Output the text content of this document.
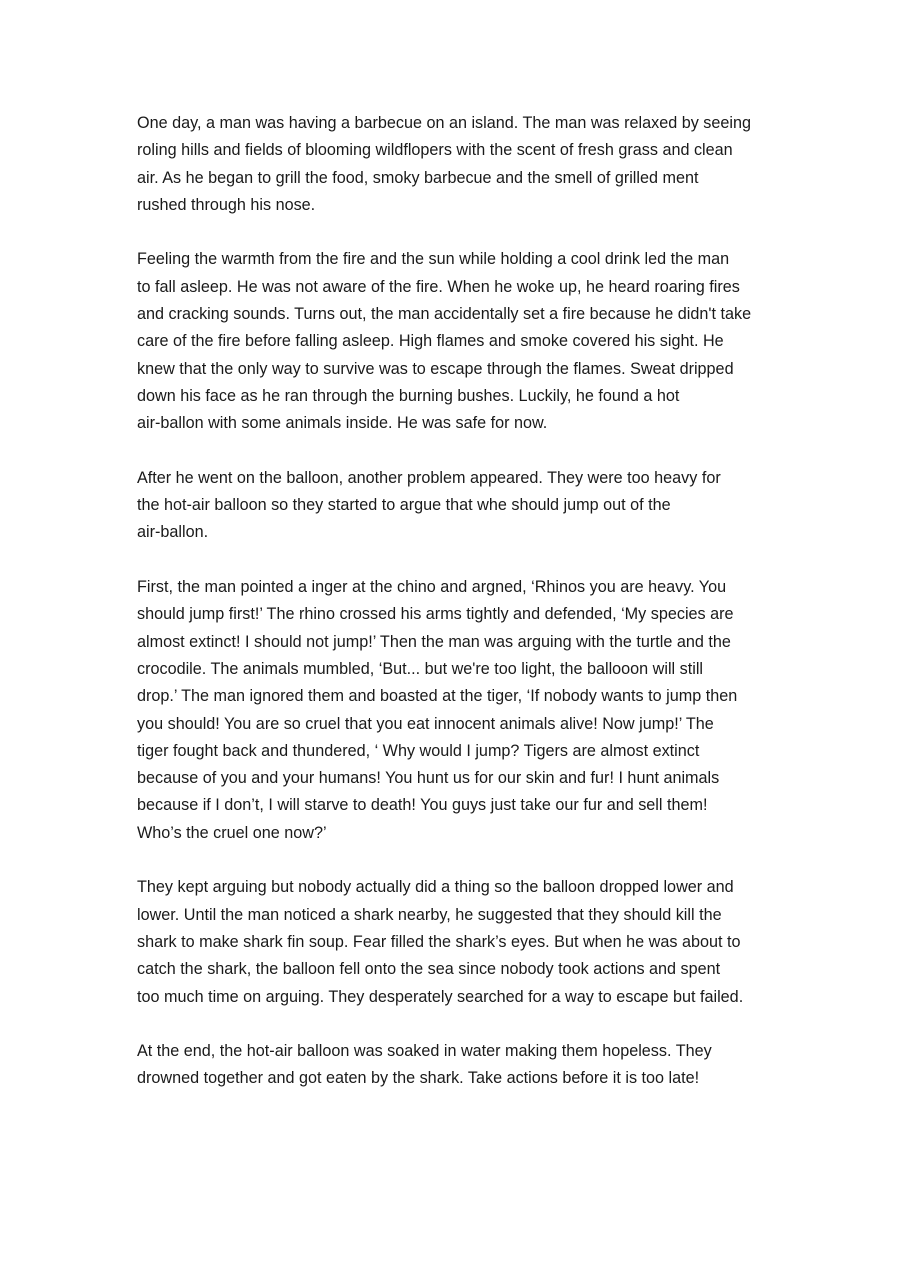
One day, a man was having a barbecue on an island. The man was relaxed by seeing
roling hills and fields of blooming wildflopers with the scent of fresh grass and clean
air. As he began to grill the food, smoky barbecue and the smell of grilled ment
rushed through his nose.

Feeling the warmth from the fire and the sun while holding a cool drink led the man
to fall asleep. He was not aware of the fire. When he woke up, he heard roaring fires
and cracking sounds. Turns out, the man accidentally set a fire because he didn't take
care of the fire before falling asleep. High flames and smoke covered his sight. He
knew that the only way to survive was to escape through the flames. Sweat dripped
down his face as he ran through the burning bushes. Luckily, he found a hot
air-ballon with some animals inside. He was safe for now.

After he went on the balloon, another problem appeared. They were too heavy for
the hot-air balloon so they started to argue that whe should jump out of the
air-ballon.

First, the man pointed a inger at the chino and argned, ‘Rhinos you are heavy. You
should jump first!’ The rhino crossed his arms tightly and defended, ‘My species are
almost extinct! I should not jump!’ Then the man was arguing with the turtle and the
crocodile. The animals mumbled, ‘But... but we're too light, the ballooon will still
drop.’ The man ignored them and boasted at the tiger, ‘If nobody wants to jump then
you should! You are so cruel that you eat innocent animals alive! Now jump!’ The
tiger fought back and thundered, ‘ Why would I jump? Tigers are almost extinct
because of you and your humans! You hunt us for our skin and fur! I hunt animals
because if I don’t, I will starve to death! You guys just take our fur and sell them!
Who’s the cruel one now?’

They kept arguing but nobody actually did a thing so the balloon dropped lower and
lower. Until the man noticed a shark nearby, he suggested that they should kill the
shark to make shark fin soup. Fear filled the shark’s eyes. But when he was about to
catch the shark, the balloon fell onto the sea since nobody took actions and spent
too much time on arguing. They desperately searched for a way to escape but failed.

At the end, the hot-air balloon was soaked in water making them hopeless. They
drowned together and got eaten by the shark. Take actions before it is too late!
